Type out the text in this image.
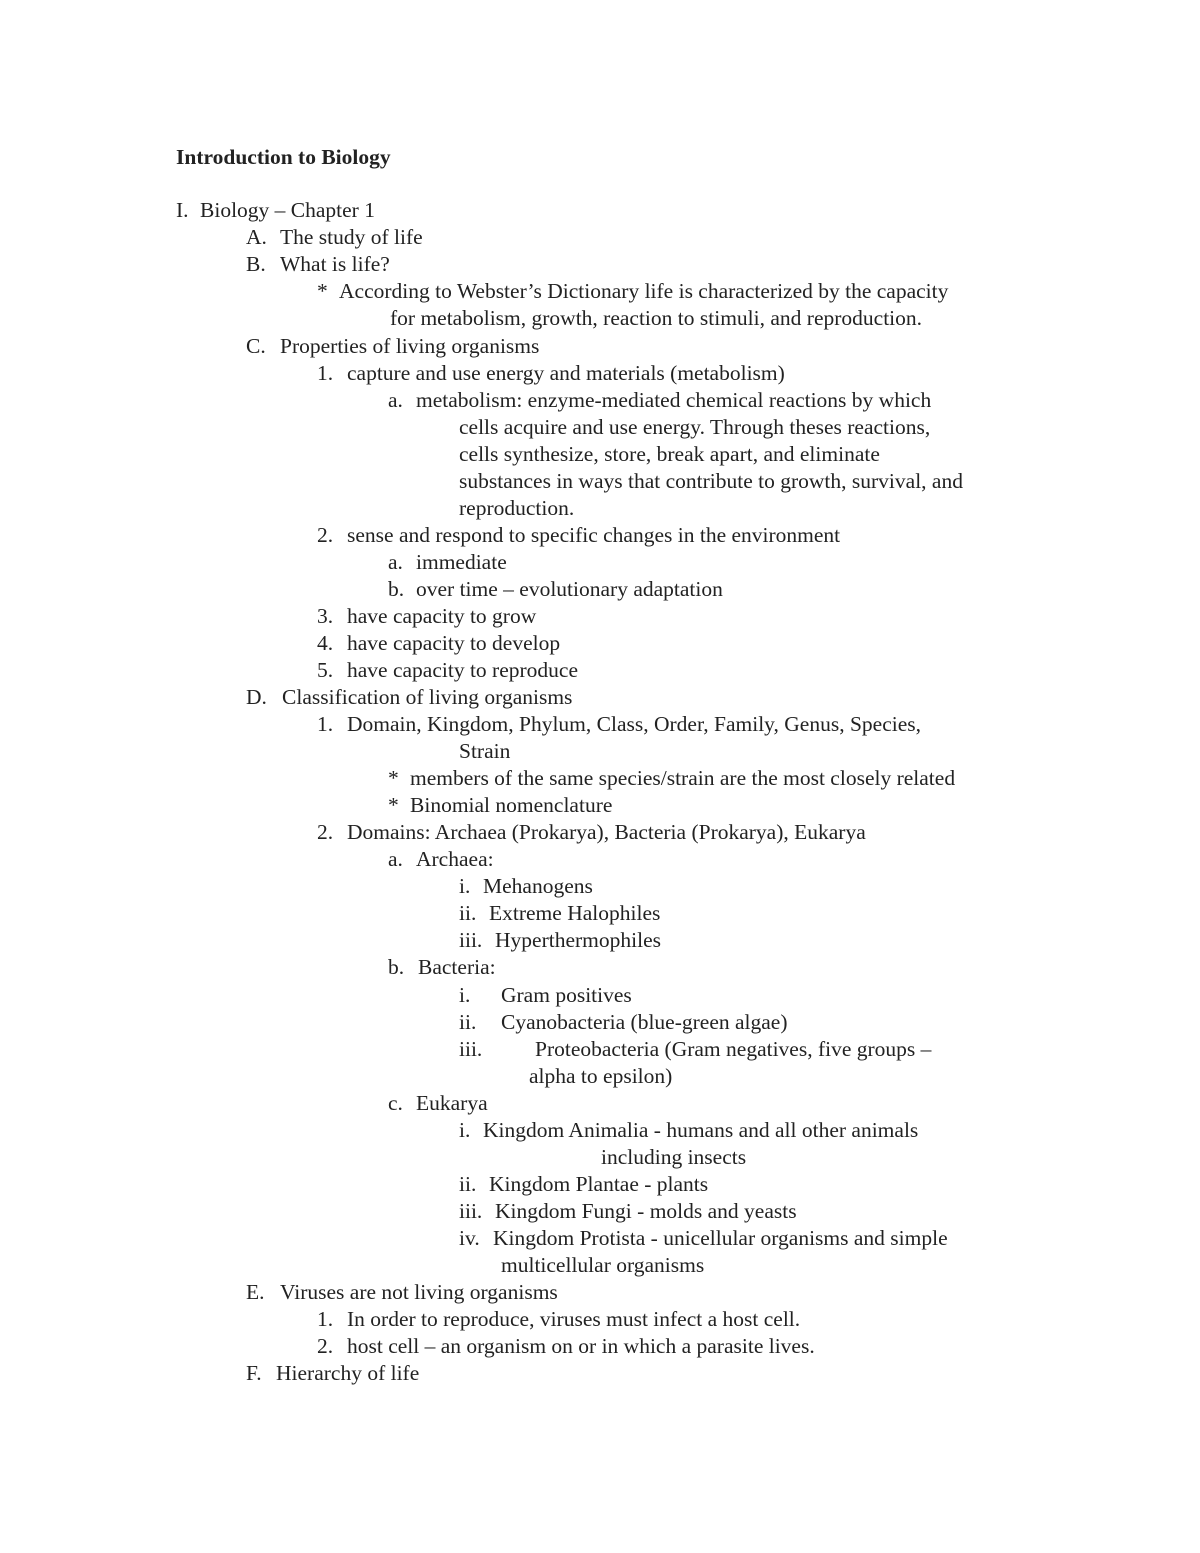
Introduction to Biology
I. Biology – Chapter 1
A. The study of life
B. What is life?
* According to Webster’s Dictionary life is characterized by the capacity
for metabolism, growth, reaction to stimuli, and reproduction.
C. Properties of living organisms
1. capture and use energy and materials (metabolism)
a. metabolism: enzyme-mediated chemical reactions by which
cells acquire and use energy. Through theses reactions,
cells synthesize, store, break apart, and eliminate
substances in ways that contribute to growth, survival, and
reproduction.
2. sense and respond to specific changes in the environment
a. immediate
b. over time – evolutionary adaptation
3. have capacity to grow
4. have capacity to develop
5. have capacity to reproduce
D. Classification of living organisms
1. Domain, Kingdom, Phylum, Class, Order, Family, Genus, Species,
Strain
* members of the same species/strain are the most closely related
* Binomial nomenclature
2. Domains: Archaea (Prokarya), Bacteria (Prokarya), Eukarya
a. Archaea:
i. Mehanogens
ii. Extreme Halophiles
iii. Hyperthermophiles
b. Bacteria:
i. Gram positives
ii. Cyanobacteria (blue-green algae)
iii. Proteobacteria (Gram negatives, five groups –
alpha to epsilon)
c. Eukarya
i. Kingdom Animalia - humans and all other animals
including insects
ii. Kingdom Plantae - plants
iii. Kingdom Fungi - molds and yeasts
iv. Kingdom Protista - unicellular organisms and simple
multicellular organisms
E. Viruses are not living organisms
1. In order to reproduce, viruses must infect a host cell.
2. host cell – an organism on or in which a parasite lives.
F. Hierarchy of life
